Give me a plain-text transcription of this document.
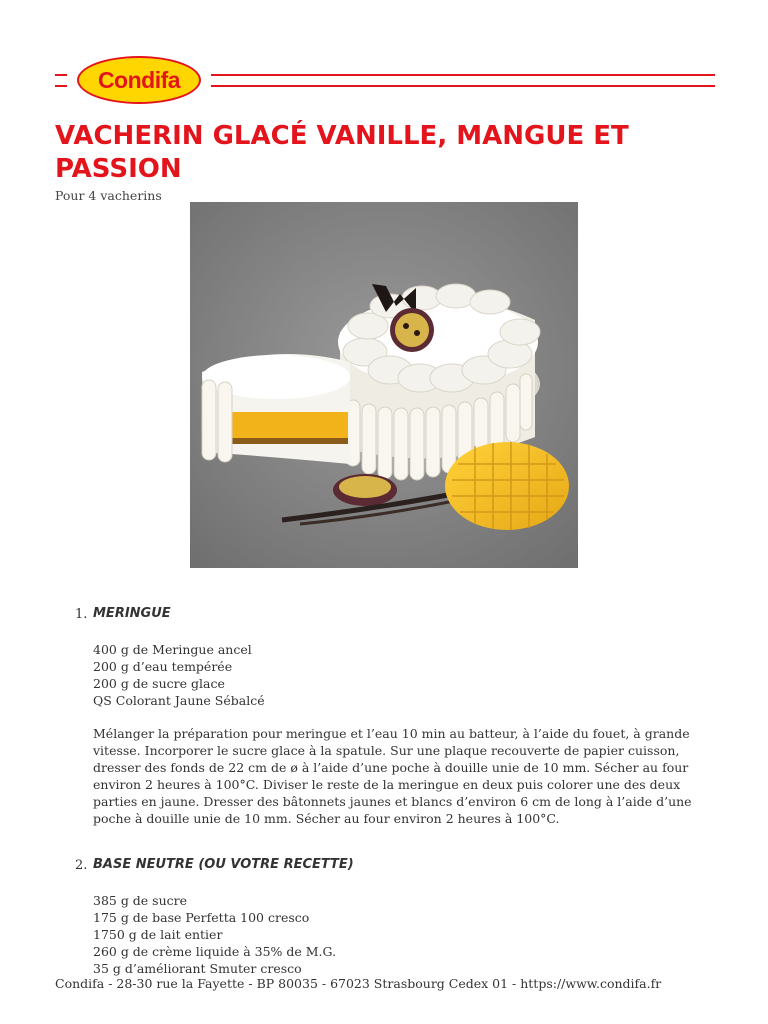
Condifa
VACHERIN GLACÉ VANILLE, MANGUE ET PASSION
Pour 4 vacherins
1. MERINGUE
400 g de Meringue ancel
200 g d’eau tempérée
200 g de sucre glace
QS Colorant Jaune Sébalcé
Mélanger la préparation pour meringue et l’eau 10 min au batteur, à l’aide du fouet, à grande vitesse. Incorporer le sucre glace à la spatule. Sur une plaque recouverte de papier cuisson, dresser des fonds de 22 cm de ø à l’aide d’une poche à douille unie de 10 mm. Sécher au four environ 2 heures à 100°C. Diviser le reste de la meringue en deux puis colorer une des deux parties en jaune. Dresser des bâtonnets jaunes et blancs d’environ 6 cm de long à l’aide d’une poche à douille unie de 10 mm. Sécher au four environ 2 heures à 100°C.
2. BASE NEUTRE (OU VOTRE RECETTE)
385 g de sucre
175 g de base Perfetta 100 cresco
1750 g de lait entier
260 g de crème liquide à 35% de M.G.
35 g d’améliorant Smuter cresco
Condifa - 28-30 rue la Fayette - BP 80035 - 67023 Strasbourg Cedex 01 - https://www.condifa.fr
